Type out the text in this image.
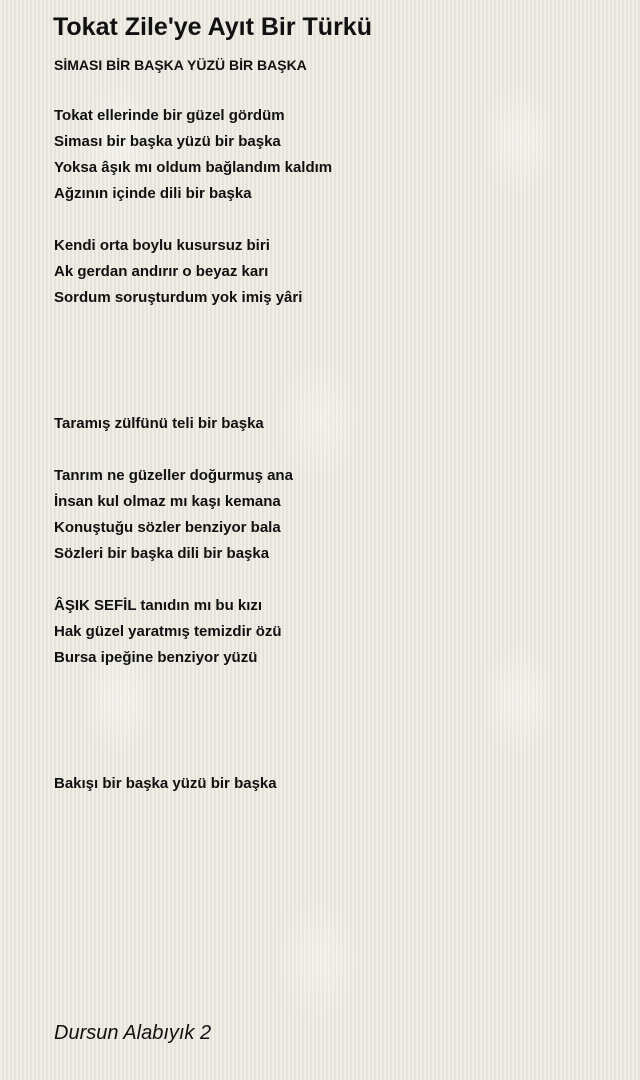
Tokat Zile'ye Ayıt Bir Türkü
SİMASI BİR BAŞKA YÜZÜ BİR BAŞKA
Tokat ellerinde bir güzel gördüm
Siması bir başka yüzü bir başka
Yoksa âşık mı oldum bağlandım kaldım
Ağzının içinde dili bir başka
Kendi orta boylu kusursuz biri
Ak gerdan andırır o beyaz karı
Sordum soruşturdum yok imiş yâri
Taramış zülfünü teli bir başka
Tanrım ne güzeller doğurmuş ana
İnsan kul olmaz mı kaşı kemana
Konuştuğu sözler benziyor bala
Sözleri bir başka dili bir başka
ÂŞIK SEFİL tanıdın mı bu kızı
Hak güzel yaratmış temizdir özü
Bursa ipeğine benziyor yüzü
Bakışı bir başka yüzü bir başka
Dursun Alabıyık 2
